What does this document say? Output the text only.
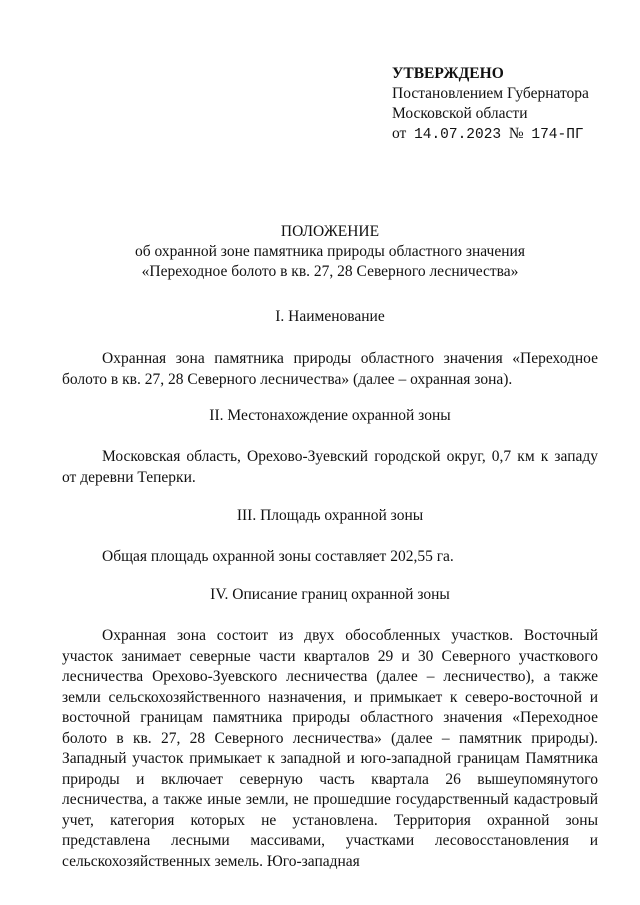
УТВЕРЖДЕНО
Постановлением Губернатора
Московской области
от 14.07.2023 № 174-ПГ
ПОЛОЖЕНИЕ
об охранной зоне памятника природы областного значения
«Переходное болото в кв. 27, 28 Северного лесничества»
I. Наименование
Охранная зона памятника природы областного значения «Переходное болото в кв. 27, 28 Северного лесничества» (далее – охранная зона).
II. Местонахождение охранной зоны
Московская область, Орехово-Зуевский городской округ, 0,7 км к западу от деревни Теперки.
III. Площадь охранной зоны
Общая площадь охранной зоны составляет 202,55 га.
IV. Описание границ охранной зоны
Охранная зона состоит из двух обособленных участков. Восточный участок занимает северные части кварталов 29 и 30 Северного участкового лесничества Орехово-Зуевского лесничества (далее – лесничество), а также земли сельскохозяйственного назначения, и примыкает к северо-восточной и восточной границам памятника природы областного значения «Переходное болото в кв. 27, 28 Северного лесничества» (далее – памятник природы). Западный участок примыкает к западной и юго-западной границам Памятника природы и включает северную часть квартала 26 вышеупомянутого лесничества, а также иные земли, не прошедшие государственный кадастровый учет, категория которых не установлена. Территория охранной зоны представлена лесными массивами, участками лесовосстановления и сельскохозяйственных земель. Юго-западная
